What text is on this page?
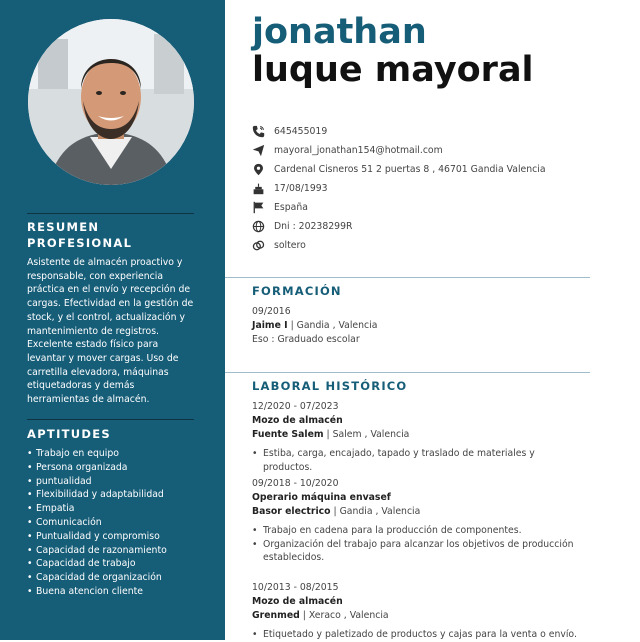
RESUMEN PROFESIONAL

Asistente de almacén proactivo y responsable, con experiencia práctica en el envío y recepción de cargas. Efectividad en la gestión de stock, y el control, actualización y mantenimiento de registros. Excelente estado físico para levantar y mover cargas. Uso de carretilla elevadora, máquinas etiquetadoras y demás herramientas de almacén.

APTITUDES
• Trabajo en equipo
• Persona organizada
• puntualidad
• Flexibilidad y adaptabilidad
• Empatia
• Comunicación
• Puntualidad y compromiso
• Capacidad de razonamiento
• Capacidad de trabajo
• Capacidad de organización
• Buena atencion cliente
jonathan
luque mayoral
645455019
mayoral_jonathan154@hotmail.com
Cardenal Cisneros 51 2 puertas 8 , 46701 Gandia Valencia
17/08/1993
España
Dni : 20238299R
soltero
FORMACIÓN
09/2016
Jaime I | Gandia , Valencia
Eso : Graduado escolar
LABORAL HISTÓRICO
12/2020 - 07/2023
Mozo de almacén
Fuente Salem | Salem , Valencia
• Estiba, carga, encajado, tapado y traslado de materiales y productos.
09/2018 - 10/2020
Operario máquina envasef
Basor electrico | Gandia , Valencia
• Trabajo en cadena para la producción de componentes.
• Organización del trabajo para alcanzar los objetivos de producción establecidos.
10/2013 - 08/2015
Mozo de almacén
Grenmed | Xeraco , Valencia
• Etiquetado y paletizado de productos y cajas para la venta o envío.
